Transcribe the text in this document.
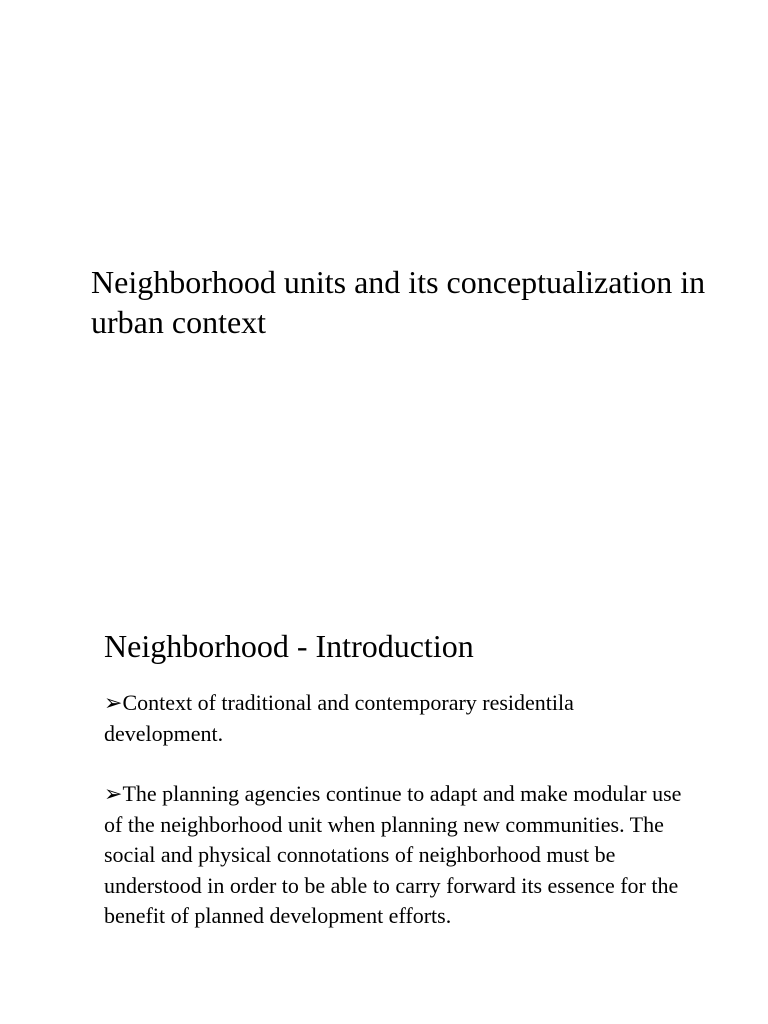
Neighborhood units and its conceptualization in urban context
Neighborhood - Introduction
➢Context of traditional and contemporary residentila development.
➢The planning agencies continue to adapt and make modular use of the neighborhood unit when planning new communities. The social and physical connotations of neighborhood must be understood in order to be able to carry forward its essence for the benefit of planned development efforts.
